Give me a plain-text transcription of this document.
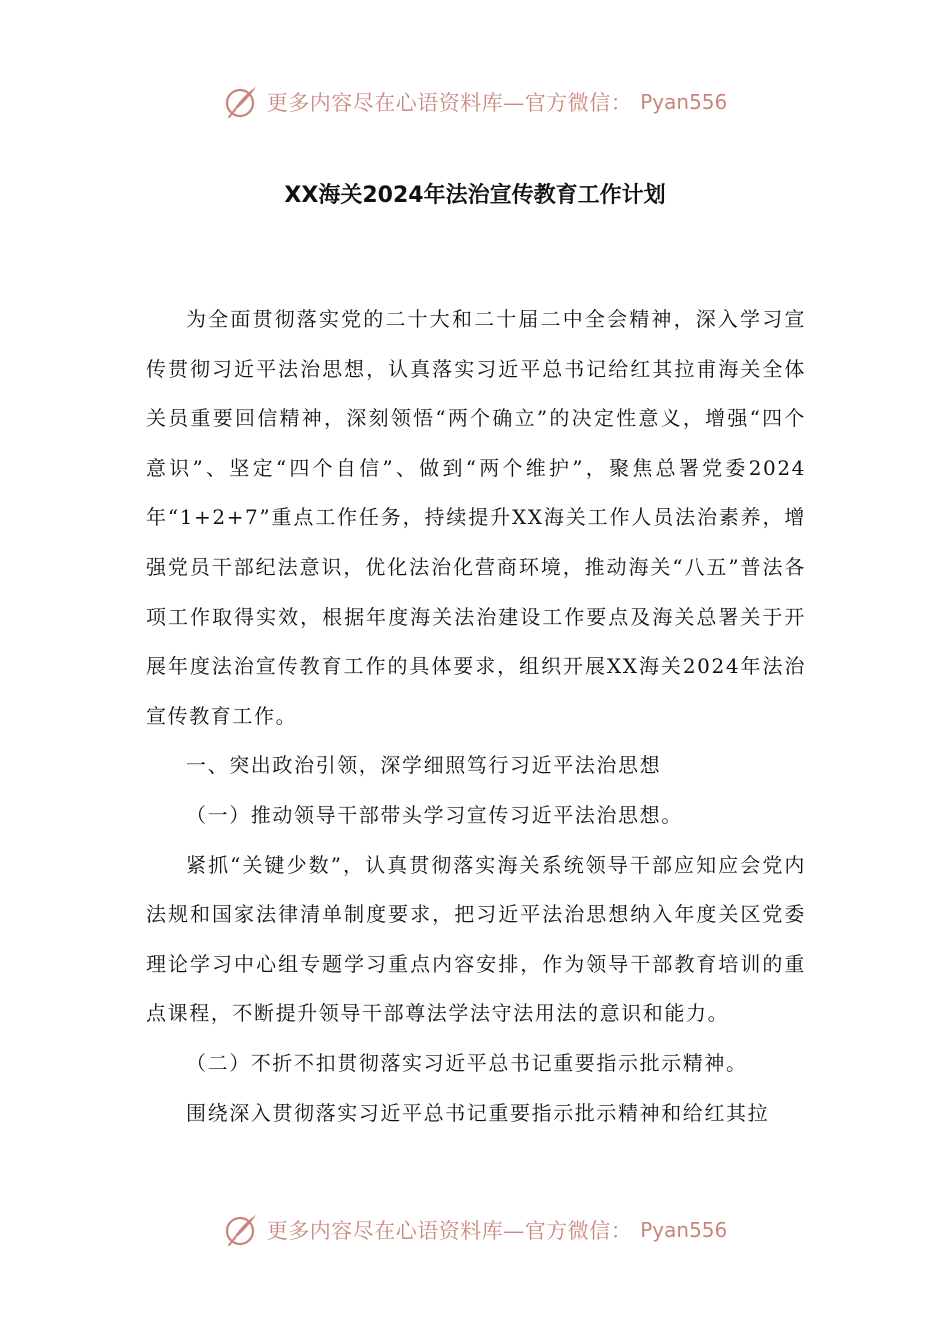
更多内容尽在心语资料库—官方微信： Pyan556
XX海关2024年法治宣传教育工作计划

为全面贯彻落实党的二十大和二十届二中全会精神，深入学习宣传贯彻习近平法治思想，认真落实习近平总书记给红其拉甫海关全体关员重要回信精神，深刻领悟“两个确立”的决定性意义，增强“四个意识”、坚定“四个自信”、做到“两个维护”，聚焦总署党委2024年“1+2+7”重点工作任务，持续提升XX海关工作人员法治素养，增强党员干部纪法意识，优化法治化营商环境，推动海关“八五”普法各项工作取得实效，根据年度海关法治建设工作要点及海关总署关于开展年度法治宣传教育工作的具体要求，组织开展XX海关2024年法治宣传教育工作。

一、突出政治引领，深学细照笃行习近平法治思想

（一）推动领导干部带头学习宣传习近平法治思想。

紧抓“关键少数”，认真贯彻落实海关系统领导干部应知应会党内法规和国家法律清单制度要求，把习近平法治思想纳入年度关区党委理论学习中心组专题学习重点内容安排，作为领导干部教育培训的重点课程，不断提升领导干部尊法学法守法用法的意识和能力。

（二）不折不扣贯彻落实习近平总书记重要指示批示精神。

围绕深入贯彻落实习近平总书记重要指示批示精神和给红其拉

更多内容尽在心语资料库—官方微信： Pyan556
